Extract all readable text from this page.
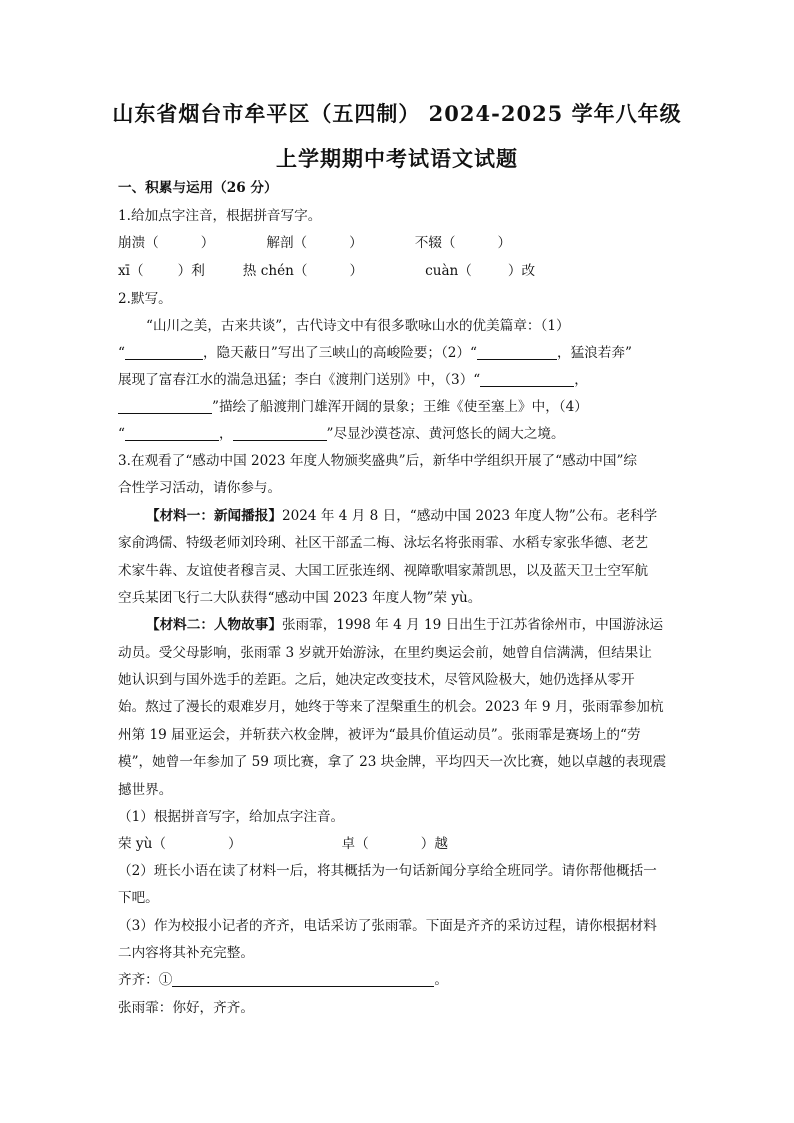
山东省烟台市牟平区（五四制） 2024-2025 学年八年级
上学期期中考试语文试题
一、积累与运用（26 分）
1.给加点字注音，根据拼音写字。
崩溃（	）	解剖（	）	不辍（	）
xī（	）利	热 chén（	）	cuàn（	）改
2.默写。
“山川之美，古来共谈”，古代诗文中有很多歌咏山水的优美篇章：（1）
“	，隐天蔽日”写出了三峡山的高峻险要；（2）“	，猛浪若奔”
展现了富春江水的湍急迅猛；李白《渡荆门送别》中，（3）“	，
”描绘了船渡荆门雄浑开阔的景象；王维《使至塞上》中，（4）
“	，	”尽显沙漠苍凉、黄河悠长的阔大之境。
3.在观看了“感动中国 2023 年度人物颁奖盛典”后，新华中学组织开展了“感动中国”综
合性学习活动，请你参与。
【材料一：新闻播报】2024 年 4 月 8 日，“感动中国 2023 年度人物”公布。老科学
家俞鸿儒、特级老师刘玲琍、社区干部孟二梅、泳坛名将张雨霏、水稻专家张华德、老艺
术家牛犇、友谊使者穆言灵、大国工匠张连纲、视障歌唱家萧凯思，以及蓝天卫士空军航
空兵某团飞行二大队获得“感动中国 2023 年度人物”荣 yù。
【材料二：人物故事】张雨霏，1998 年 4 月 19 日出生于江苏省徐州市，中国游泳运
动员。受父母影响，张雨霏 3 岁就开始游泳，在里约奥运会前，她曾自信满满，但结果让
她认识到与国外选手的差距。之后，她决定改变技术，尽管风险极大，她仍选择从零开
始。熬过了漫长的艰难岁月，她终于等来了涅槃重生的机会。2023 年 9 月，张雨霏参加杭
州第 19 届亚运会，并斩获六枚金牌，被评为“最具价值运动员”。张雨霏是赛场上的“劳
模”，她曾一年参加了 59 项比赛，拿了 23 块金牌，平均四天一次比赛，她以卓越的表现震
撼世界。
（1）根据拼音写字，给加点字注音。
荣 yù（	）	卓（	）越
（2）班长小语在读了材料一后，将其概括为一句话新闻分享给全班同学。请你帮他概括一
下吧。
（3）作为校报小记者的齐齐，电话采访了张雨霏。下面是齐齐的采访过程，请你根据材料
二内容将其补充完整。
齐齐：①	。
张雨霏：你好，齐齐。
